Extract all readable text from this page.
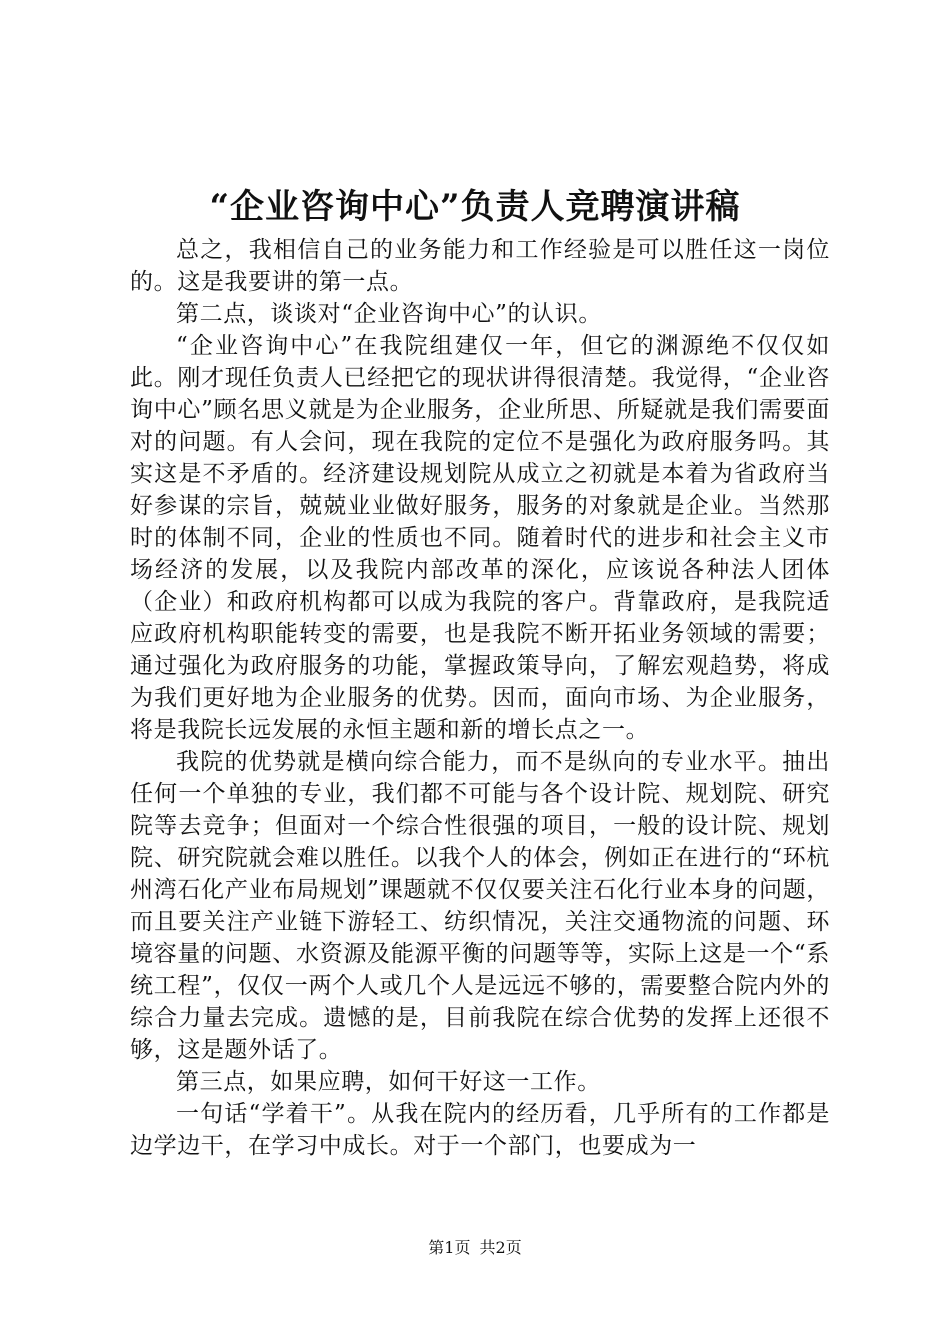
“企业咨询中心”负责人竞聘演讲稿

总之，我相信自己的业务能力和工作经验是可以胜任这一岗位的。这是我要讲的第一点。

第二点，谈谈对“企业咨询中心”的认识。

“企业咨询中心”在我院组建仅一年，但它的渊源绝不仅仅如此。刚才现任负责人已经把它的现状讲得很清楚。我觉得，“企业咨询中心”顾名思义就是为企业服务，企业所思、所疑就是我们需要面对的问题。有人会问，现在我院的定位不是强化为政府服务吗。其实这是不矛盾的。经济建设规划院从成立之初就是本着为省政府当好参谋的宗旨，兢兢业业做好服务，服务的对象就是企业。当然那时的体制不同，企业的性质也不同。随着时代的进步和社会主义市场经济的发展，以及我院内部改革的深化，应该说各种法人团体（企业）和政府机构都可以成为我院的客户。背靠政府，是我院适应政府机构职能转变的需要，也是我院不断开拓业务领域的需要；通过强化为政府服务的功能，掌握政策导向，了解宏观趋势，将成为我们更好地为企业服务的优势。因而，面向市场、为企业服务，将是我院长远发展的永恒主题和新的增长点之一。

我院的优势就是横向综合能力，而不是纵向的专业水平。抽出任何一个单独的专业，我们都不可能与各个设计院、规划院、研究院等去竞争；但面对一个综合性很强的项目，一般的设计院、规划院、研究院就会难以胜任。以我个人的体会，例如正在进行的“环杭州湾石化产业布局规划”课题就不仅仅要关注石化行业本身的问题，而且要关注产业链下游轻工、纺织情况，关注交通物流的问题、环境容量的问题、水资源及能源平衡的问题等等，实际上这是一个“系统工程”，仅仅一两个人或几个人是远远不够的，需要整合院内外的综合力量去完成。遗憾的是，目前我院在综合优势的发挥上还很不够，这是题外话了。

第三点，如果应聘，如何干好这一工作。

一句话“学着干”。从我在院内的经历看，几乎所有的工作都是边学边干，在学习中成长。对于一个部门，也要成为一

第1页 共2页
